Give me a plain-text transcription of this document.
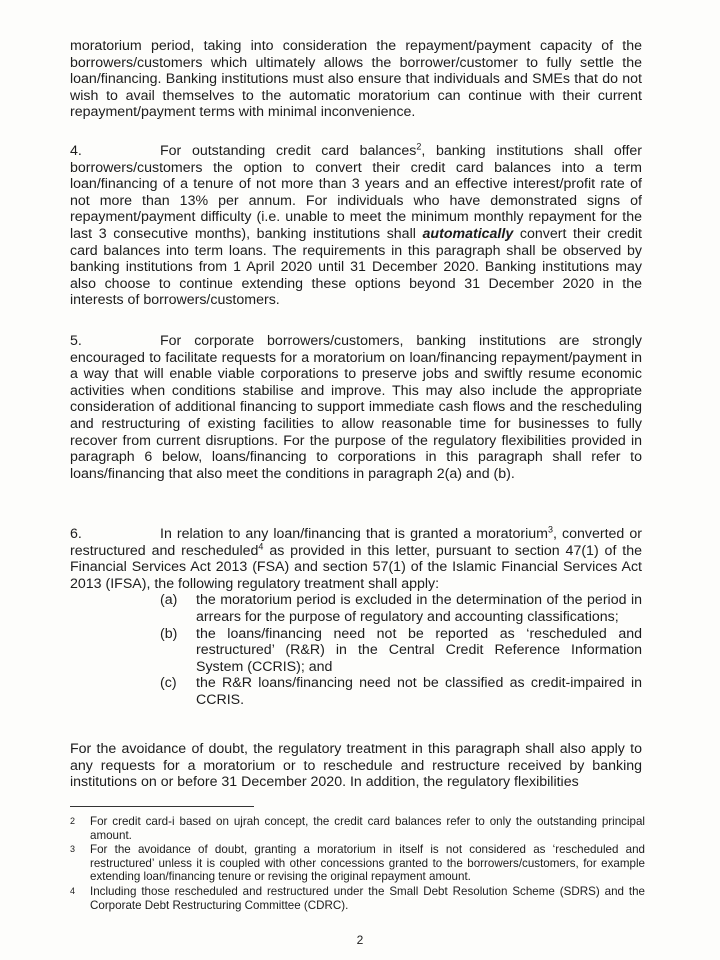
moratorium period, taking into consideration the repayment/payment capacity of the borrowers/customers which ultimately allows the borrower/customer to fully settle the loan/financing. Banking institutions must also ensure that individuals and SMEs that do not wish to avail themselves to the automatic moratorium can continue with their current repayment/payment terms with minimal inconvenience.

4.	For outstanding credit card balances$^2$, banking institutions shall offer borrowers/customers the option to convert their credit card balances into a term loan/financing of a tenure of not more than 3 years and an effective interest/profit rate of not more than 13% per annum. For individuals who have demonstrated signs of repayment/payment difficulty (i.e. unable to meet the minimum monthly repayment for the last 3 consecutive months), banking institutions shall automatically convert their credit card balances into term loans. The requirements in this paragraph shall be observed by banking institutions from 1 April 2020 until 31 December 2020. Banking institutions may also choose to continue extending these options beyond 31 December 2020 in the interests of borrowers/customers.

5.	For corporate borrowers/customers, banking institutions are strongly encouraged to facilitate requests for a moratorium on loan/financing repayment/payment in a way that will enable viable corporations to preserve jobs and swiftly resume economic activities when conditions stabilise and improve. This may also include the appropriate consideration of additional financing to support immediate cash flows and the rescheduling and restructuring of existing facilities to allow reasonable time for businesses to fully recover from current disruptions. For the purpose of the regulatory flexibilities provided in paragraph 6 below, loans/financing to corporations in this paragraph shall refer to loans/financing that also meet the conditions in paragraph 2(a) and (b).

6.	In relation to any loan/financing that is granted a moratorium$^3$, converted or restructured and rescheduled$^4$ as provided in this letter, pursuant to section 47(1) of the Financial Services Act 2013 (FSA) and section 57(1) of the Islamic Financial Services Act 2013 (IFSA), the following regulatory treatment shall apply:
(a)	the moratorium period is excluded in the determination of the period in arrears for the purpose of regulatory and accounting classifications;
(b)	the loans/financing need not be reported as ‘rescheduled and restructured’ (R&R) in the Central Credit Reference Information System (CCRIS); and
(c)	the R&R loans/financing need not be classified as credit-impaired in CCRIS.

For the avoidance of doubt, the regulatory treatment in this paragraph shall also apply to any requests for a moratorium or to reschedule and restructure received by banking institutions on or before 31 December 2020. In addition, the regulatory flexibilities

2	For credit card-i based on ujrah concept, the credit card balances refer to only the outstanding principal amount.
3	For the avoidance of doubt, granting a moratorium in itself is not considered as ‘rescheduled and restructured’ unless it is coupled with other concessions granted to the borrowers/customers, for example extending loan/financing tenure or revising the original repayment amount.
4	Including those rescheduled and restructured under the Small Debt Resolution Scheme (SDRS) and the Corporate Debt Restructuring Committee (CDRC).
2
